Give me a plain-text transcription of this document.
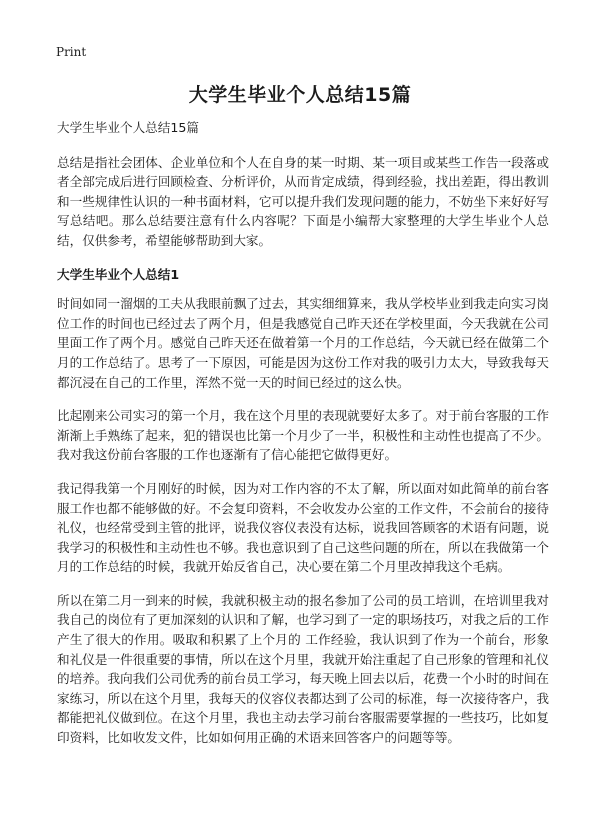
Print
大学生毕业个人总结15篇

大学生毕业个人总结15篇

总结是指社会团体、企业单位和个人在自身的某一时期、某一项目或某些工作告一段落或者全部完成后进行回顾检查、分析评价，从而肯定成绩，得到经验，找出差距，得出教训和一些规律性认识的一种书面材料，它可以提升我们发现问题的能力，不妨坐下来好好写写总结吧。那么总结要注意有什么内容呢？下面是小编帮大家整理的大学生毕业个人总结，仅供参考，希望能够帮助到大家。

大学生毕业个人总结1

时间如同一溜烟的工夫从我眼前飘了过去，其实细细算来，我从学校毕业到我走向实习岗位工作的时间也已经过去了两个月，但是我感觉自己昨天还在学校里面，今天我就在公司里面工作了两个月。感觉自己昨天还在做着第一个月的工作总结，今天就已经在做第二个月的工作总结了。思考了一下原因，可能是因为这份工作对我的吸引力太大，导致我每天都沉浸在自己的工作里，浑然不觉一天的时间已经过的这么快。

比起刚来公司实习的第一个月，我在这个月里的表现就要好太多了。对于前台客服的工作渐渐上手熟练了起来，犯的错误也比第一个月少了一半，积极性和主动性也提高了不少。我对我这份前台客服的工作也逐渐有了信心能把它做得更好。

我记得我第一个月刚好的时候，因为对工作内容的不太了解，所以面对如此简单的前台客服工作也都不能够做的好。不会复印资料，不会收发办公室的工作文件，不会前台的接待礼仪，也经常受到主管的批评，说我仪容仪表没有达标，说我回答顾客的术语有问题，说我学习的积极性和主动性也不够。我也意识到了自己这些问题的所在，所以在我做第一个月的工作总结的时候，我就开始反省自己，决心要在第二个月里改掉我这个毛病。

所以在第二月一到来的时候，我就积极主动的报名参加了公司的员工培训，在培训里我对我自己的岗位有了更加深刻的认识和了解，也学习到了一定的职场技巧，对我之后的工作产生了很大的作用。吸取和积累了上个月的 工作经验，我认识到了作为一个前台，形象和礼仪是一件很重要的事情，所以在这个月里，我就开始注重起了自己形象的管理和礼仪的培养。我向我们公司优秀的前台员工学习，每天晚上回去以后，花费一个小时的时间在家练习，所以在这个月里，我每天的仪容仪表都达到了公司的标准，每一次接待客户，我都能把礼仪做到位。在这个月里，我也主动去学习前台客服需要掌握的一些技巧，比如复印资料，比如收发文件，比如如何用正确的术语来回答客户的问题等等。
